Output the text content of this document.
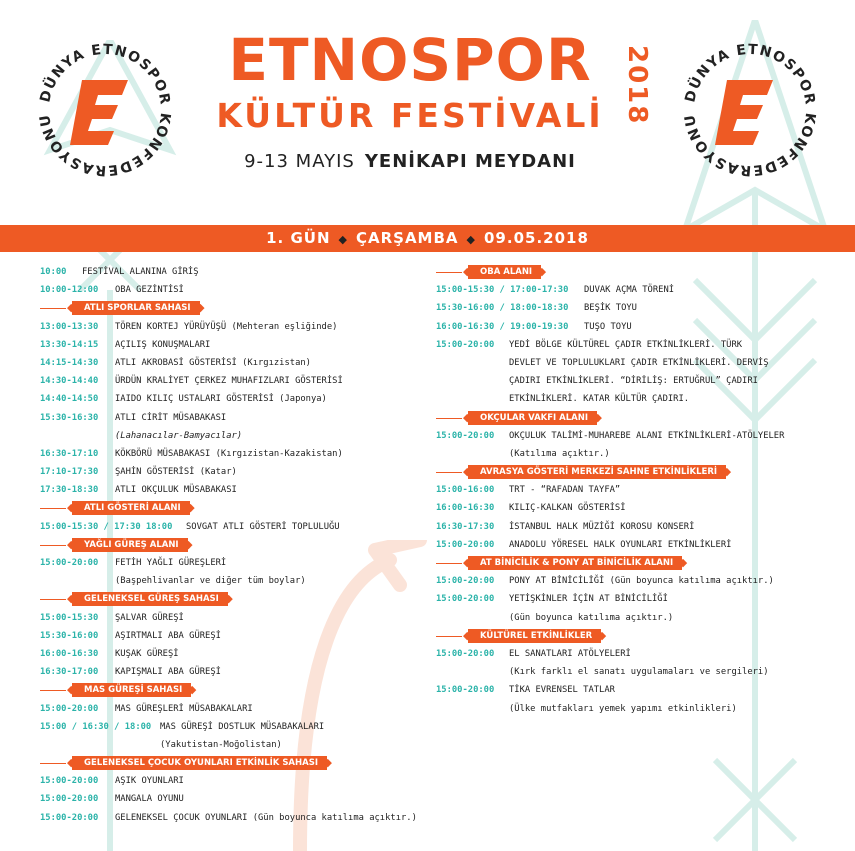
DÜNYA ETNOSPOR KONFEDERASYONU
DÜNYA ETNOSPOR KONFEDERASYONU
ETNOSPOR
KÜLTÜR FESTİVALİ 2018
9-13 MAYIS YENİKAPI MEYDANI
1. GÜN ◆ ÇARŞAMBA ◆ 09.05.2018
10:00 FESTİVAL ALANINA GİRİŞ
10:00-12:00 OBA GEZİNTİSİ
◆ ATLI SPORLAR SAHASI ◆
13:00-13:30 TÖREN KORTEJ YÜRÜYÜŞÜ (Mehteran eşliğinde)
13:30-14:15 AÇILIŞ KONUŞMALARI
14:15-14:30 ATLI AKROBASİ GÖSTERİSİ (Kırgızistan)
14:30-14:40 ÜRDÜN KRALİYET ÇERKEZ MUHAFIZLARI GÖSTERİSİ
14:40-14:50 IAIDO KILIÇ USTALARI GÖSTERİSİ (Japonya)
15:30-16:30 ATLI CİRİT MÜSABAKASI
(Lahanacılar-Bamyacılar)
16:30-17:10 KÖKBÖRÜ MÜSABAKASI (Kırgızistan-Kazakistan)
17:10-17:30 ŞAHİN GÖSTERİSİ (Katar)
17:30-18:30 ATLI OKÇULUK MÜSABAKASI
◆ ATLI GÖSTERİ ALANI ◆
15:00-15:30 / 17:30 18:00 SOVGAT ATLI GÖSTERİ TOPLULUĞU
◆ YAĞLI GÜREŞ ALANI ◆
15:00-20:00 FETİH YAĞLI GÜREŞLERİ
(Başpehlivanlar ve diğer tüm boylar)
◆ GELENEKSEL GÜREŞ SAHASI ◆
15:00-15:30 ŞALVAR GÜREŞİ
15:30-16:00 AŞIRTMALI ABA GÜREŞİ
16:00-16:30 KUŞAK GÜREŞİ
16:30-17:00 KAPIŞMALI ABA GÜREŞİ
◆ MAS GÜREŞİ SAHASI ◆
15:00-20:00 MAS GÜREŞLERİ MÜSABAKALARI
15:00 / 16:30 / 18:00 MAS GÜREŞİ DOSTLUK MÜSABAKALARI
(Yakutistan-Moğolistan)
◆ GELENEKSEL ÇOCUK OYUNLARI ETKİNLİK SAHASI ◆
15:00-20:00 AŞIK OYUNLARI
15:00-20:00 MANGALA OYUNU
15:00-20:00 GELENEKSEL ÇOCUK OYUNLARI (Gün boyunca katılıma açıktır.)
◆ OBA ALANI ◆
15:00-15:30 / 17:00-17:30 DUVAK AÇMA TÖRENİ
15:30-16:00 / 18:00-18:30 BEŞİK TOYU
16:00-16:30 / 19:00-19:30 TUŞO TOYU
15:00-20:00 YEDİ BÖLGE KÜLTÜREL ÇADIR ETKİNLİKLERİ. TÜRK
DEVLET VE TOPLULUKLARI ÇADIR ETKİNLİKLERİ. DERVİŞ
ÇADIRI ETKİNLİKLERİ. “DİRİLİŞ: ERTUĞRUL” ÇADIRI
ETKİNLİKLERİ. KATAR KÜLTÜR ÇADIRI.
◆ OKÇULAR VAKFI ALANI ◆
15:00-20:00 OKÇULUK TALİMİ-MUHAREBE ALANI ETKİNLİKLERİ-ATÖLYELER
(Katılıma açıktır.)
◆ AVRASYA GÖSTERİ MERKEZİ SAHNE ETKİNLİKLERİ ◆
15:00-16:00 TRT - “RAFADAN TAYFA”
16:00-16:30 KILIÇ-KALKAN GÖSTERİSİ
16:30-17:30 İSTANBUL HALK MÜZİĞİ KOROSU KONSERİ
15:00-20:00 ANADOLU YÖRESEL HALK OYUNLARI ETKİNLİKLERİ
◆ AT BİNİCİLİK & PONY AT BİNİCİLİK ALANI ◆
15:00-20:00 PONY AT BİNİCİLİĞİ (Gün boyunca katılıma açıktır.)
15:00-20:00 YETİŞKİNLER İÇİN AT BİNİCİLİĞİ
(Gün boyunca katılıma açıktır.)
◆ KÜLTÜREL ETKİNLİKLER ◆
15:00-20:00 EL SANATLARI ATÖLYELERİ
(Kırk farklı el sanatı uygulamaları ve sergileri)
15:00-20:00 TİKA EVRENSEL TATLAR
(Ülke mutfakları yemek yapımı etkinlikleri)
